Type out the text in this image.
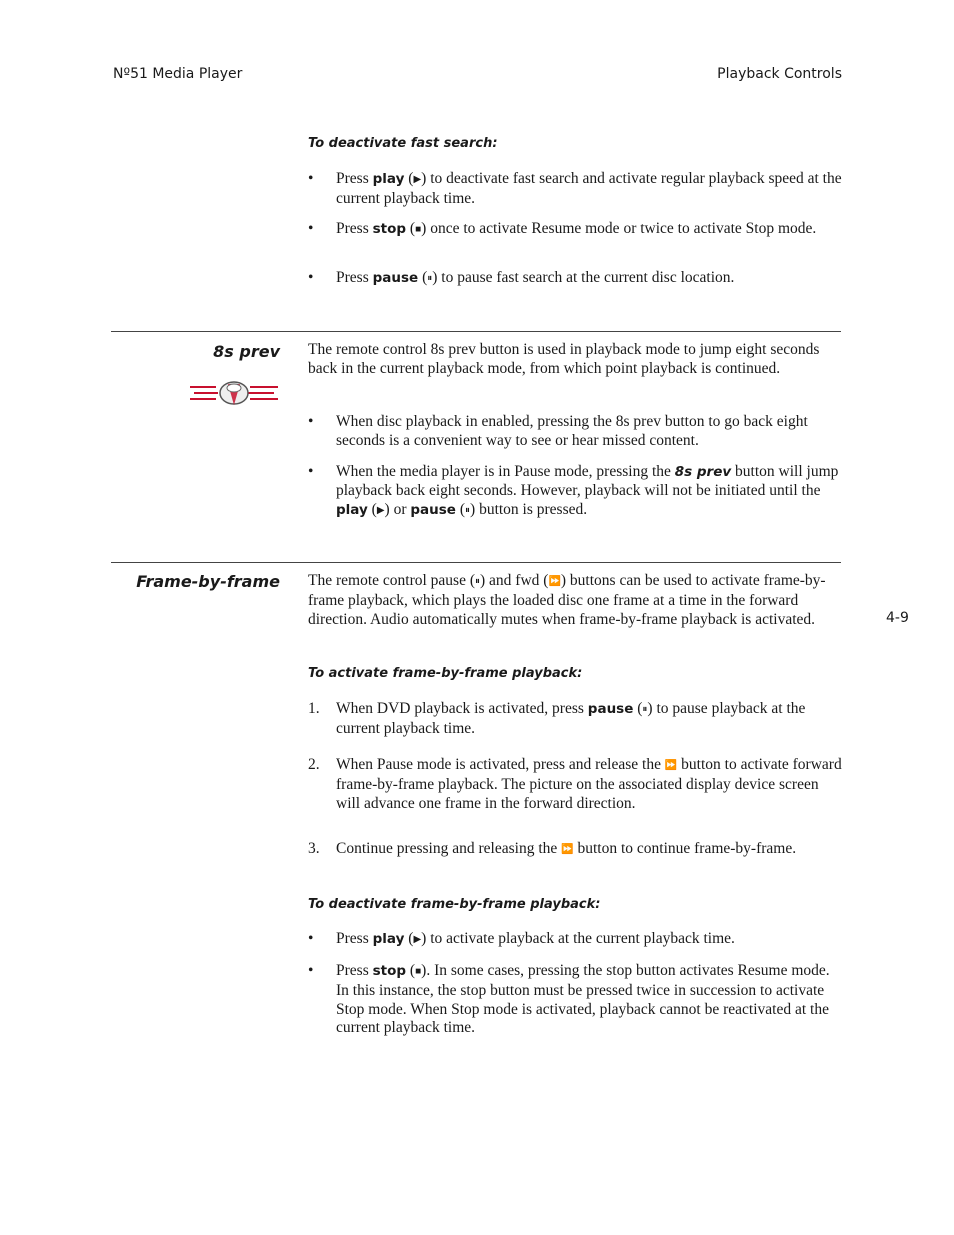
Nº51 Media Player	Playback Controls
To deactivate fast search:
• Press play (▶) to deactivate fast search and activate regular playback speed at the current playback time.
• Press stop (■) once to activate Resume mode or twice to activate Stop mode.
• Press pause (⏸) to pause fast search at the current disc location.
8s prev The remote control 8s prev button is used in playback mode to jump eight seconds back in the current playback mode, from which point playback is continued.
• When disc playback in enabled, pressing the 8s prev button to go back eight seconds is a convenient way to see or hear missed content.
• When the media player is in Pause mode, pressing the 8s prev button will jump playback back eight seconds. However, playback will not be initiated until the play (▶) or pause (⏸) button is pressed.
Frame-by-frame
4-9
The remote control pause (⏸) and fwd (⏩) buttons can be used to activate frame-by-frame playback, which plays the loaded disc one frame at a time in the forward direction. Audio automatically mutes when frame-by-frame playback is activated.
To activate frame-by-frame playback:
1. When DVD playback is activated, press pause (⏸) to pause playback at the current playback time.
2. When Pause mode is activated, press and release the ⏩ button to activate forward frame-by-frame playback. The picture on the associated display device screen will advance one frame in the forward direction.
3. Continue pressing and releasing the ⏩ button to continue frame-by-frame.
To deactivate frame-by-frame playback:
• Press play (▶) to activate playback at the current playback time.
• Press stop (■). In some cases, pressing the stop button activates Resume mode. In this instance, the stop button must be pressed twice in succession to activate Stop mode. When Stop mode is activated, playback cannot be reactivated at the current playback time.
